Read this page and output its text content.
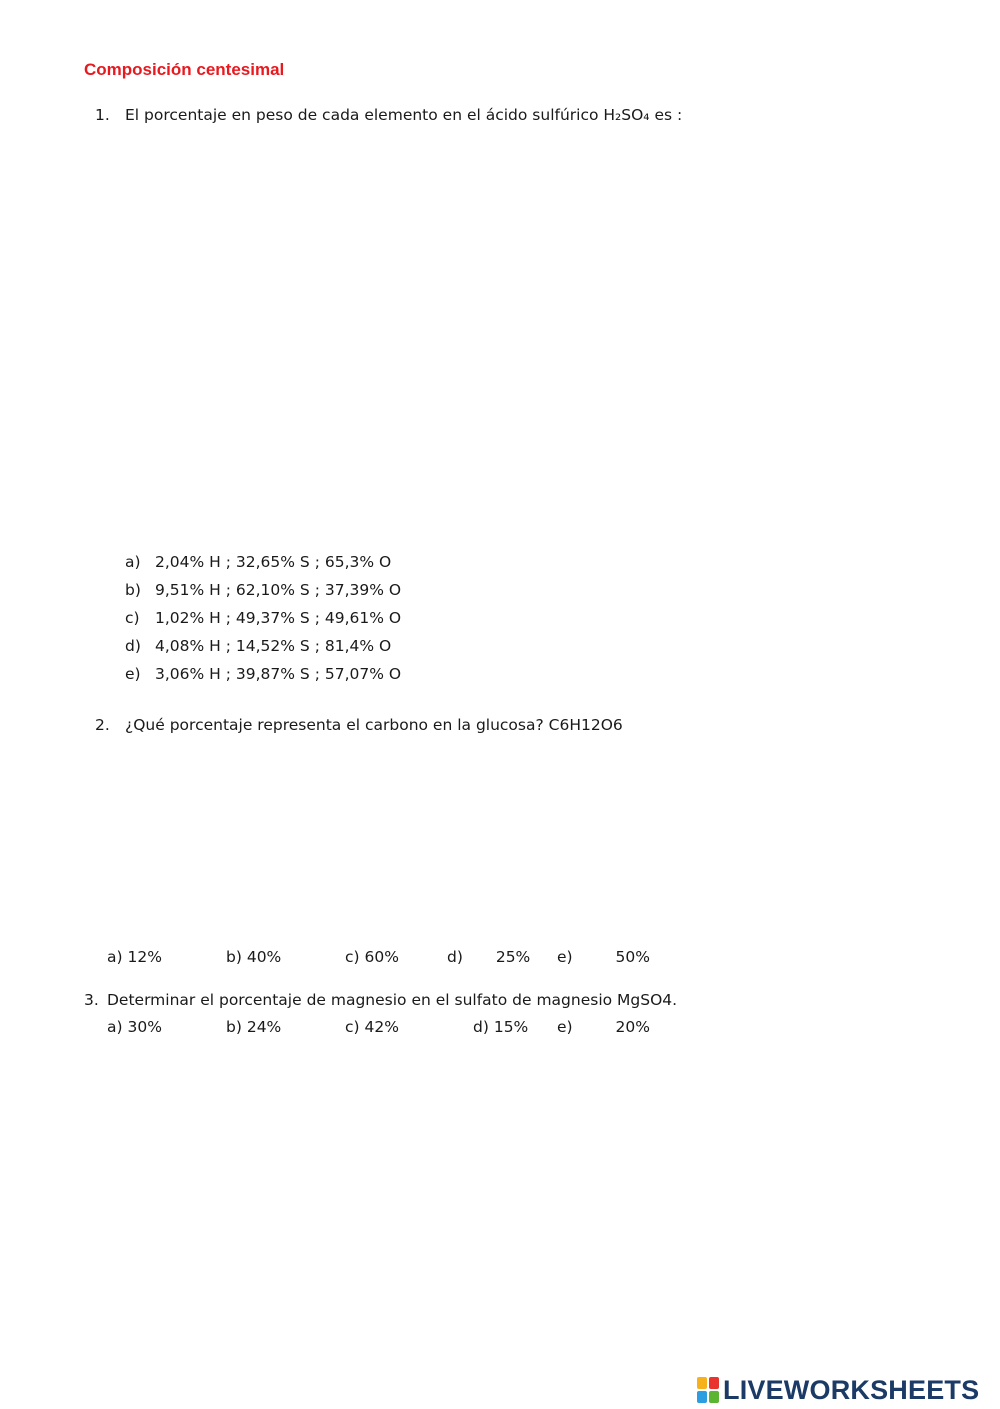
Composición centesimal
1. El porcentaje en peso de cada elemento en el ácido sulfúrico H₂SO₄ es :
a) 2,04% H ; 32,65% S ; 65,3% O
b) 9,51% H ; 62,10% S ; 37,39% O
c) 1,02% H ; 49,37% S ; 49,61% O
d) 4,08% H ; 14,52% S ; 81,4% O
e) 3,06% H ; 39,87% S ; 57,07% O
2. ¿Qué porcentaje representa el carbono en la glucosa? C6H12O6
a) 12%	b) 40%	c) 60%	d) 25% e)	50%
3. Determinar el porcentaje de magnesio en el sulfato de magnesio MgSO4.
a) 30%	b) 24%	c) 42%	d) 15% e)	20%
LIVEWORKSHEETS
